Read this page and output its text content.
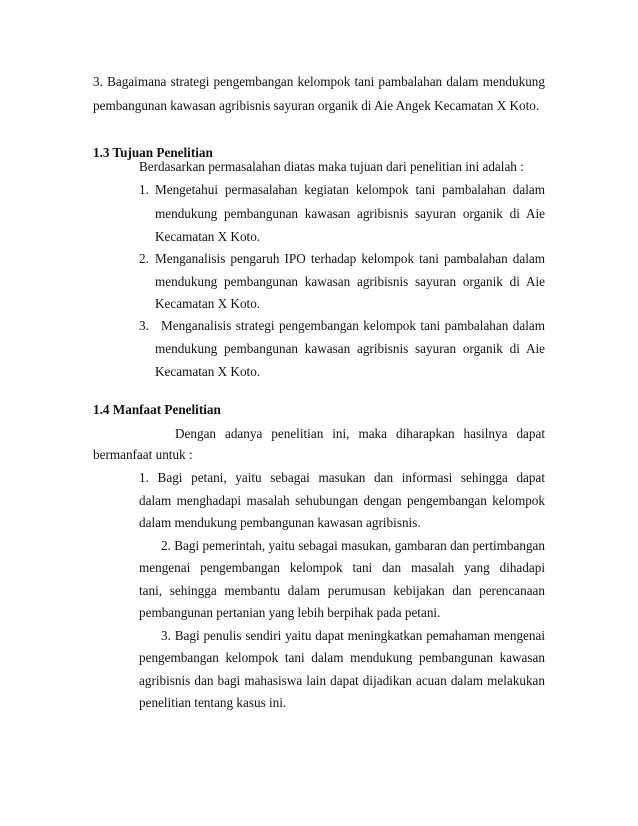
3. Bagaimana strategi pengembangan kelompok tani pambalahan dalam mendukung
pembangunan kawasan agribisnis sayuran organik di Aie Angek Kecamatan X Koto.
1.3 Tujuan Penelitian
Berdasarkan permasalahan diatas maka tujuan dari penelitian ini adalah :
1. Mengetahui permasalahan kegiatan kelompok tani pambalahan dalam
mendukung pembangunan kawasan agribisnis sayuran organik di Aie
Kecamatan X Koto.
2. Menganalisis pengaruh IPO terhadap kelompok tani pambalahan dalam
mendukung pembangunan kawasan agribisnis sayuran organik di Aie
Kecamatan X Koto.
3. Menganalisis strategi pengembangan kelompok tani pambalahan dalam
mendukung pembangunan kawasan agribisnis sayuran organik di Aie
Kecamatan X Koto.
1.4 Manfaat Penelitian
Dengan adanya penelitian ini, maka diharapkan hasilnya dapat
bermanfaat untuk :
1. Bagi petani, yaitu sebagai masukan dan informasi sehingga dapat
dalam menghadapi masalah sehubungan dengan pengembangan kelompok
dalam mendukung pembangunan kawasan agribisnis.
2. Bagi pemerintah, yaitu sebagai masukan, gambaran dan pertimbangan
mengenai pengembangan kelompok tani dan masalah yang dihadapi
tani, sehingga membantu dalam perumusan kebijakan dan perencanaan
pembangunan pertanian yang lebih berpihak pada petani.
3. Bagi penulis sendiri yaitu dapat meningkatkan pemahaman mengenai
pengembangan kelompok tani dalam mendukung pembangunan kawasan
agribisnis dan bagi mahasiswa lain dapat dijadikan acuan dalam melakukan
penelitian tentang kasus ini.
